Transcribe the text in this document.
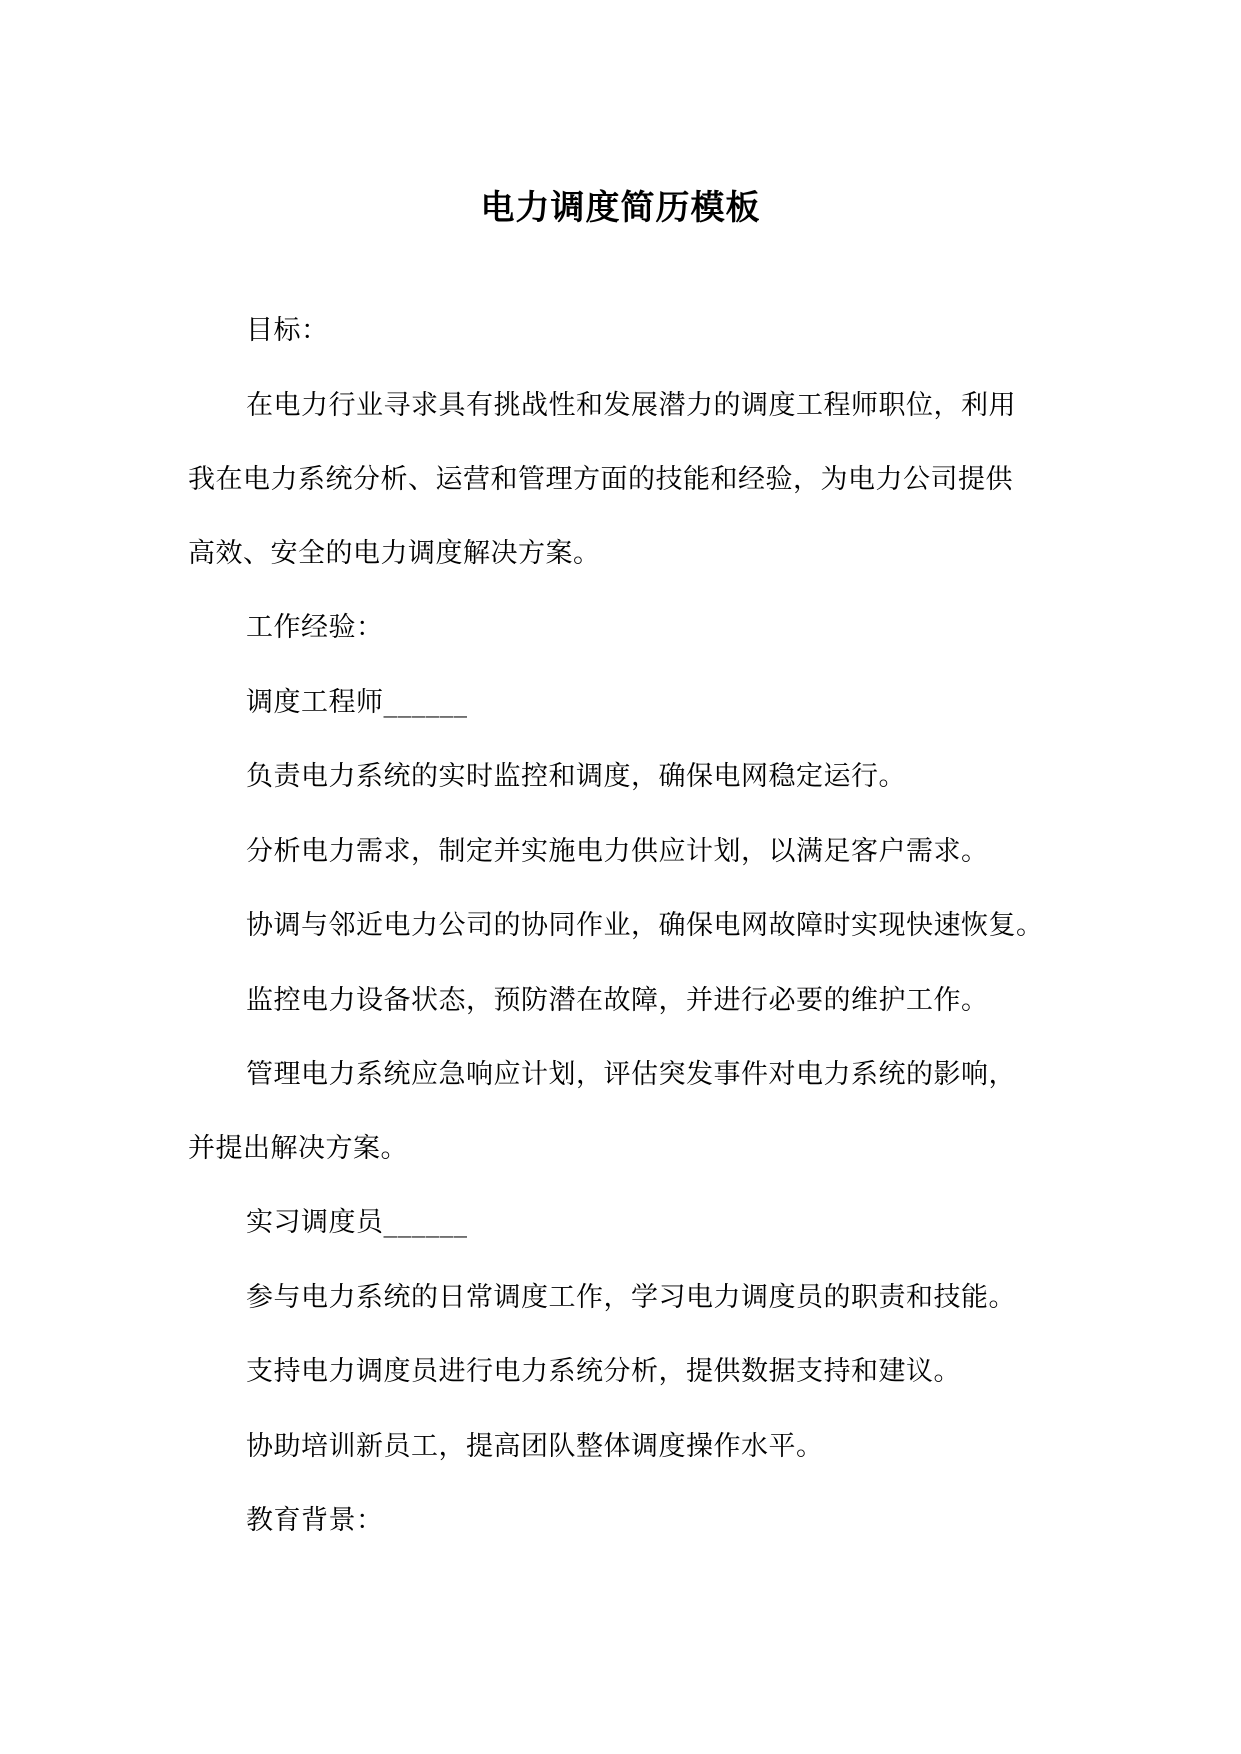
电力调度简历模板
目标：
在电力行业寻求具有挑战性和发展潜力的调度工程师职位，利用
我在电力系统分析、运营和管理方面的技能和经验，为电力公司提供
高效、安全的电力调度解决方案。
工作经验：
调度工程师______
负责电力系统的实时监控和调度，确保电网稳定运行。
分析电力需求，制定并实施电力供应计划，以满足客户需求。
协调与邻近电力公司的协同作业，确保电网故障时实现快速恢复。
监控电力设备状态，预防潜在故障，并进行必要的维护工作。
管理电力系统应急响应计划，评估突发事件对电力系统的影响，
并提出解决方案。
实习调度员______
参与电力系统的日常调度工作，学习电力调度员的职责和技能。
支持电力调度员进行电力系统分析，提供数据支持和建议。
协助培训新员工，提高团队整体调度操作水平。
教育背景：
